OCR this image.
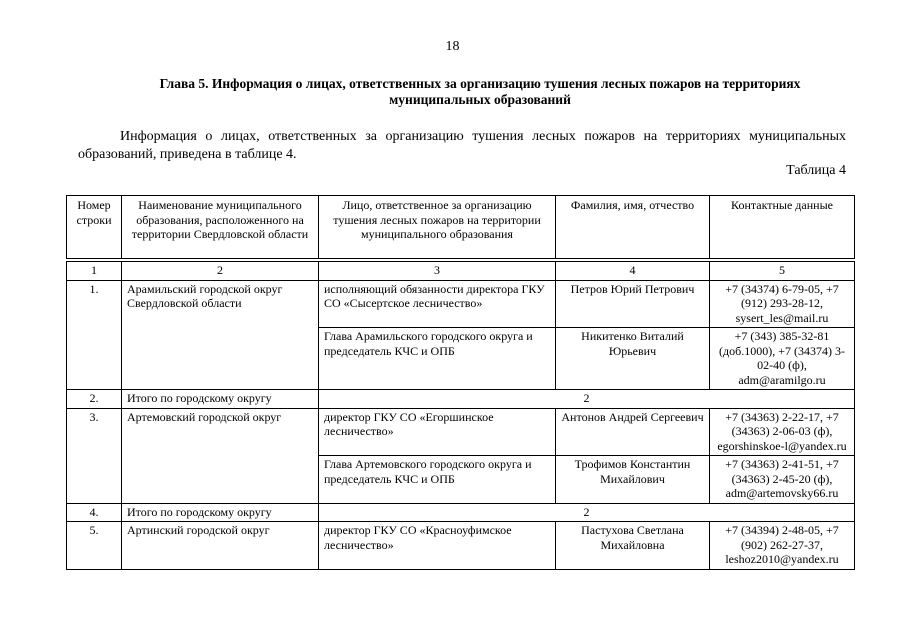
18
Глава 5. Информация о лицах, ответственных за организацию тушения лесных пожаров на территориях муниципальных образований
Информация о лицах, ответственных за организацию тушения лесных пожаров на территориях муниципальных образований, приведена в таблице 4.
Таблица 4
Номер строки	Наименование муниципального образования, расположенного на территории Свердловской области	Лицо, ответственное за организацию тушения лесных пожаров на территории муниципального образования	Фамилия, имя, отчество	Контактные данные
1	2	3	4	5
1.	Арамильский городской округ Свердловской области	исполняющий обязанности директора ГКУ СО «Сысертское лесничество»	Петров Юрий Петрович	+7 (34374) 6-79-05, +7 (912) 293-28-12, sysert_les@mail.ru
		Глава Арамильского городского округа и председатель КЧС и ОПБ	Никитенко Виталий Юрьевич	+7 (343) 385-32-81 (доб.1000), +7 (34374) 3-02-40 (ф), adm@aramilgo.ru
2.	Итого по городскому округу	2		
3.	Артемовский городской округ	директор ГКУ СО «Егоршинское лесничество»	Антонов Андрей Сергеевич	+7 (34363) 2-22-17, +7 (34363) 2-06-03 (ф), egorshinskoe-l@yandex.ru
		Глава Артемовского городского округа и председатель КЧС и ОПБ	Трофимов Константин Михайлович	+7 (34363) 2-41-51, +7 (34363) 2-45-20 (ф), adm@artemovsky66.ru
4.	Итого по городскому округу	2		
5.	Артинский городской округ	директор ГКУ СО «Красноуфимское лесничество»	Пастухова Светлана Михайловна	+7 (34394) 2-48-05, +7 (902) 262-27-37, leshoz2010@yandex.ru
